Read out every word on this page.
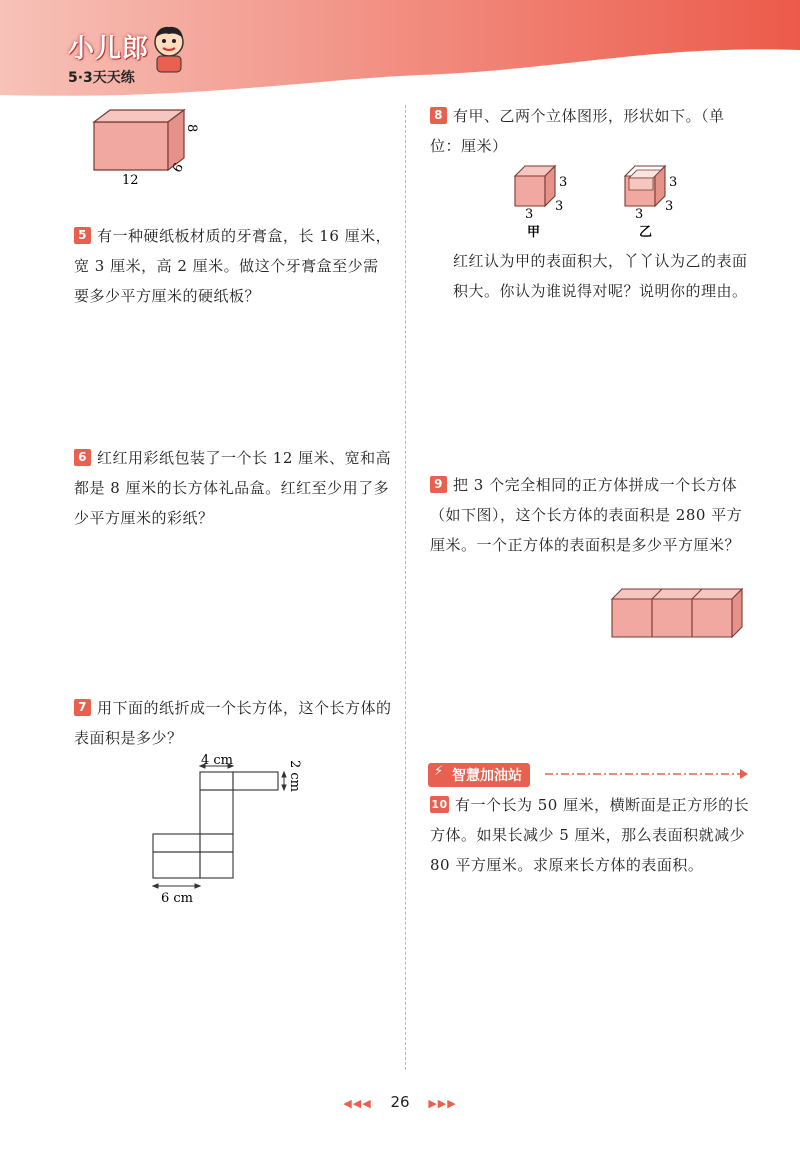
小儿郎
5·3天天练
12
6
8
5 有一种硬纸板材质的牙膏盒，长 16 厘米，宽 3 厘米，高 2 厘米。做这个牙膏盒至少需要多少平方厘米的硬纸板？
6 红红用彩纸包装了一个长 12 厘米、宽和高都是 8 厘米的长方体礼品盒。红红至少用了多少平方厘米的彩纸？
7 用下面的纸折成一个长方体，这个长方体的表面积是多少？
4 cm	2 cm
6 cm
8 有甲、乙两个立体图形，形状如下。（单位：厘米）
3
3
3
甲
3
3
3
乙
红红认为甲的表面积大，丫丫认为乙的表面积大。你认为谁说得对呢？说明你的理由。
9 把 3 个完全相同的正方体拼成一个长方体（如下图），这个长方体的表面积是 280 平方厘米。一个正方体的表面积是多少平方厘米？
⚡ 智慧加油站
10 有一个长为 50 厘米，横断面是正方形的长方体。如果长减少 5 厘米，那么表面积就减少 80 平方厘米。求原来长方体的表面积。
◀◀◀ 26 ▶▶▶
